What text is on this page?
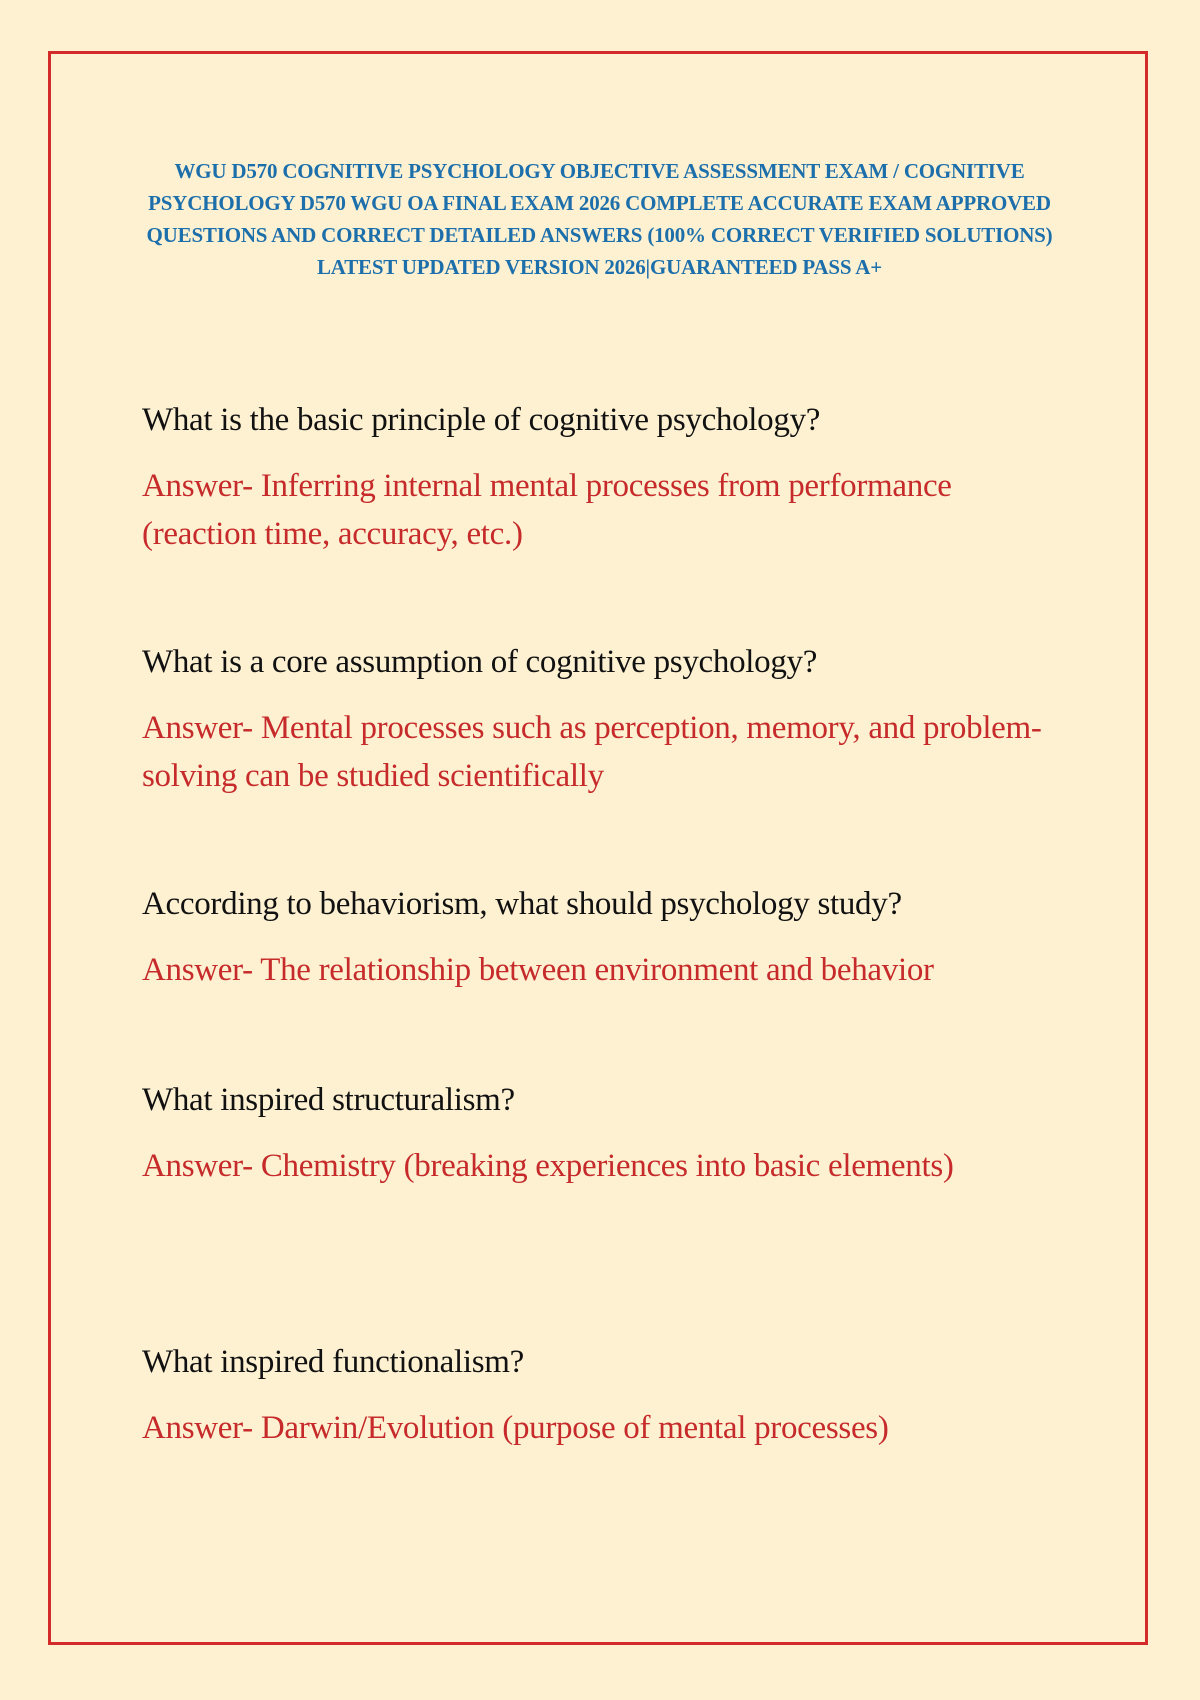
WGU D570 COGNITIVE PSYCHOLOGY OBJECTIVE ASSESSMENT EXAM / COGNITIVE PSYCHOLOGY D570 WGU OA FINAL EXAM 2026 COMPLETE ACCURATE EXAM APPROVED QUESTIONS AND CORRECT DETAILED ANSWERS (100% CORRECT VERIFIED SOLUTIONS) LATEST UPDATED VERSION 2026|GUARANTEED PASS A+

What is the basic principle of cognitive psychology?

Answer- Inferring internal mental processes from performance (reaction time, accuracy, etc.)

What is a core assumption of cognitive psychology?

Answer- Mental processes such as perception, memory, and problem-solving can be studied scientifically

According to behaviorism, what should psychology study?

Answer- The relationship between environment and behavior

What inspired structuralism?

Answer- Chemistry (breaking experiences into basic elements)

What inspired functionalism?

Answer- Darwin/Evolution (purpose of mental processes)
